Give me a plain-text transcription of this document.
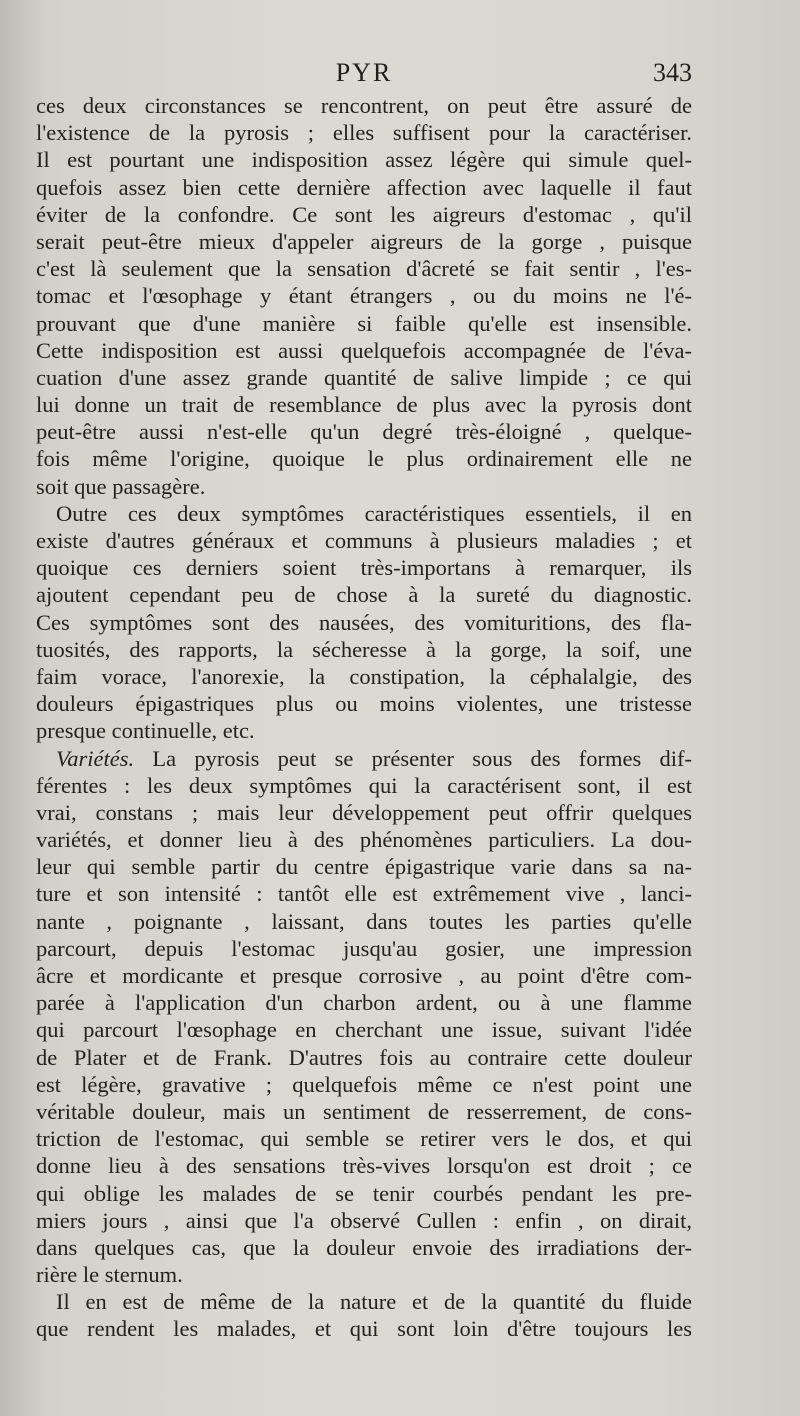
PYR	343
ces deux circonstances se rencontrent, on peut être assuré de
l'existence de la pyrosis ; elles suffisent pour la caractériser.
Il est pourtant une indisposition assez légère qui simule quel-
quefois assez bien cette dernière affection avec laquelle il faut
éviter de la confondre. Ce sont les aigreurs d'estomac , qu'il
serait peut-être mieux d'appeler aigreurs de la gorge , puisque
c'est là seulement que la sensation d'âcreté se fait sentir , l'es-
tomac et l'œsophage y étant étrangers , ou du moins ne l'é-
prouvant que d'une manière si faible qu'elle est insensible.
Cette indisposition est aussi quelquefois accompagnée de l'éva-
cuation d'une assez grande quantité de salive limpide ; ce qui
lui donne un trait de resemblance de plus avec la pyrosis dont
peut-être aussi n'est-elle qu'un degré très-éloigné , quelque-
fois même l'origine, quoique le plus ordinairement elle ne
soit que passagère.
Outre ces deux symptômes caractéristiques essentiels, il en
existe d'autres généraux et communs à plusieurs maladies ; et
quoique ces derniers soient très-importans à remarquer, ils
ajoutent cependant peu de chose à la sureté du diagnostic.
Ces symptômes sont des nausées, des vomituritions, des fla-
tuosités, des rapports, la sécheresse à la gorge, la soif, une
faim vorace, l'anorexie, la constipation, la céphalalgie, des
douleurs épigastriques plus ou moins violentes, une tristesse
presque continuelle, etc.
Variétés. La pyrosis peut se présenter sous des formes dif-
férentes : les deux symptômes qui la caractérisent sont, il est
vrai, constans ; mais leur développement peut offrir quelques
variétés, et donner lieu à des phénomènes particuliers. La dou-
leur qui semble partir du centre épigastrique varie dans sa na-
ture et son intensité : tantôt elle est extrêmement vive , lanci-
nante , poignante , laissant, dans toutes les parties qu'elle
parcourt, depuis l'estomac jusqu'au gosier, une impression
âcre et mordicante et presque corrosive , au point d'être com-
parée à l'application d'un charbon ardent, ou à une flamme
qui parcourt l'œsophage en cherchant une issue, suivant l'idée
de Plater et de Frank. D'autres fois au contraire cette douleur
est légère, gravative ; quelquefois même ce n'est point une
véritable douleur, mais un sentiment de resserrement, de cons-
triction de l'estomac, qui semble se retirer vers le dos, et qui
donne lieu à des sensations très-vives lorsqu'on est droit ; ce
qui oblige les malades de se tenir courbés pendant les pre-
miers jours , ainsi que l'a observé Cullen : enfin , on dirait,
dans quelques cas, que la douleur envoie des irradiations der-
rière le sternum.
Il en est de même de la nature et de la quantité du fluide
que rendent les malades, et qui sont loin d'être toujours les
